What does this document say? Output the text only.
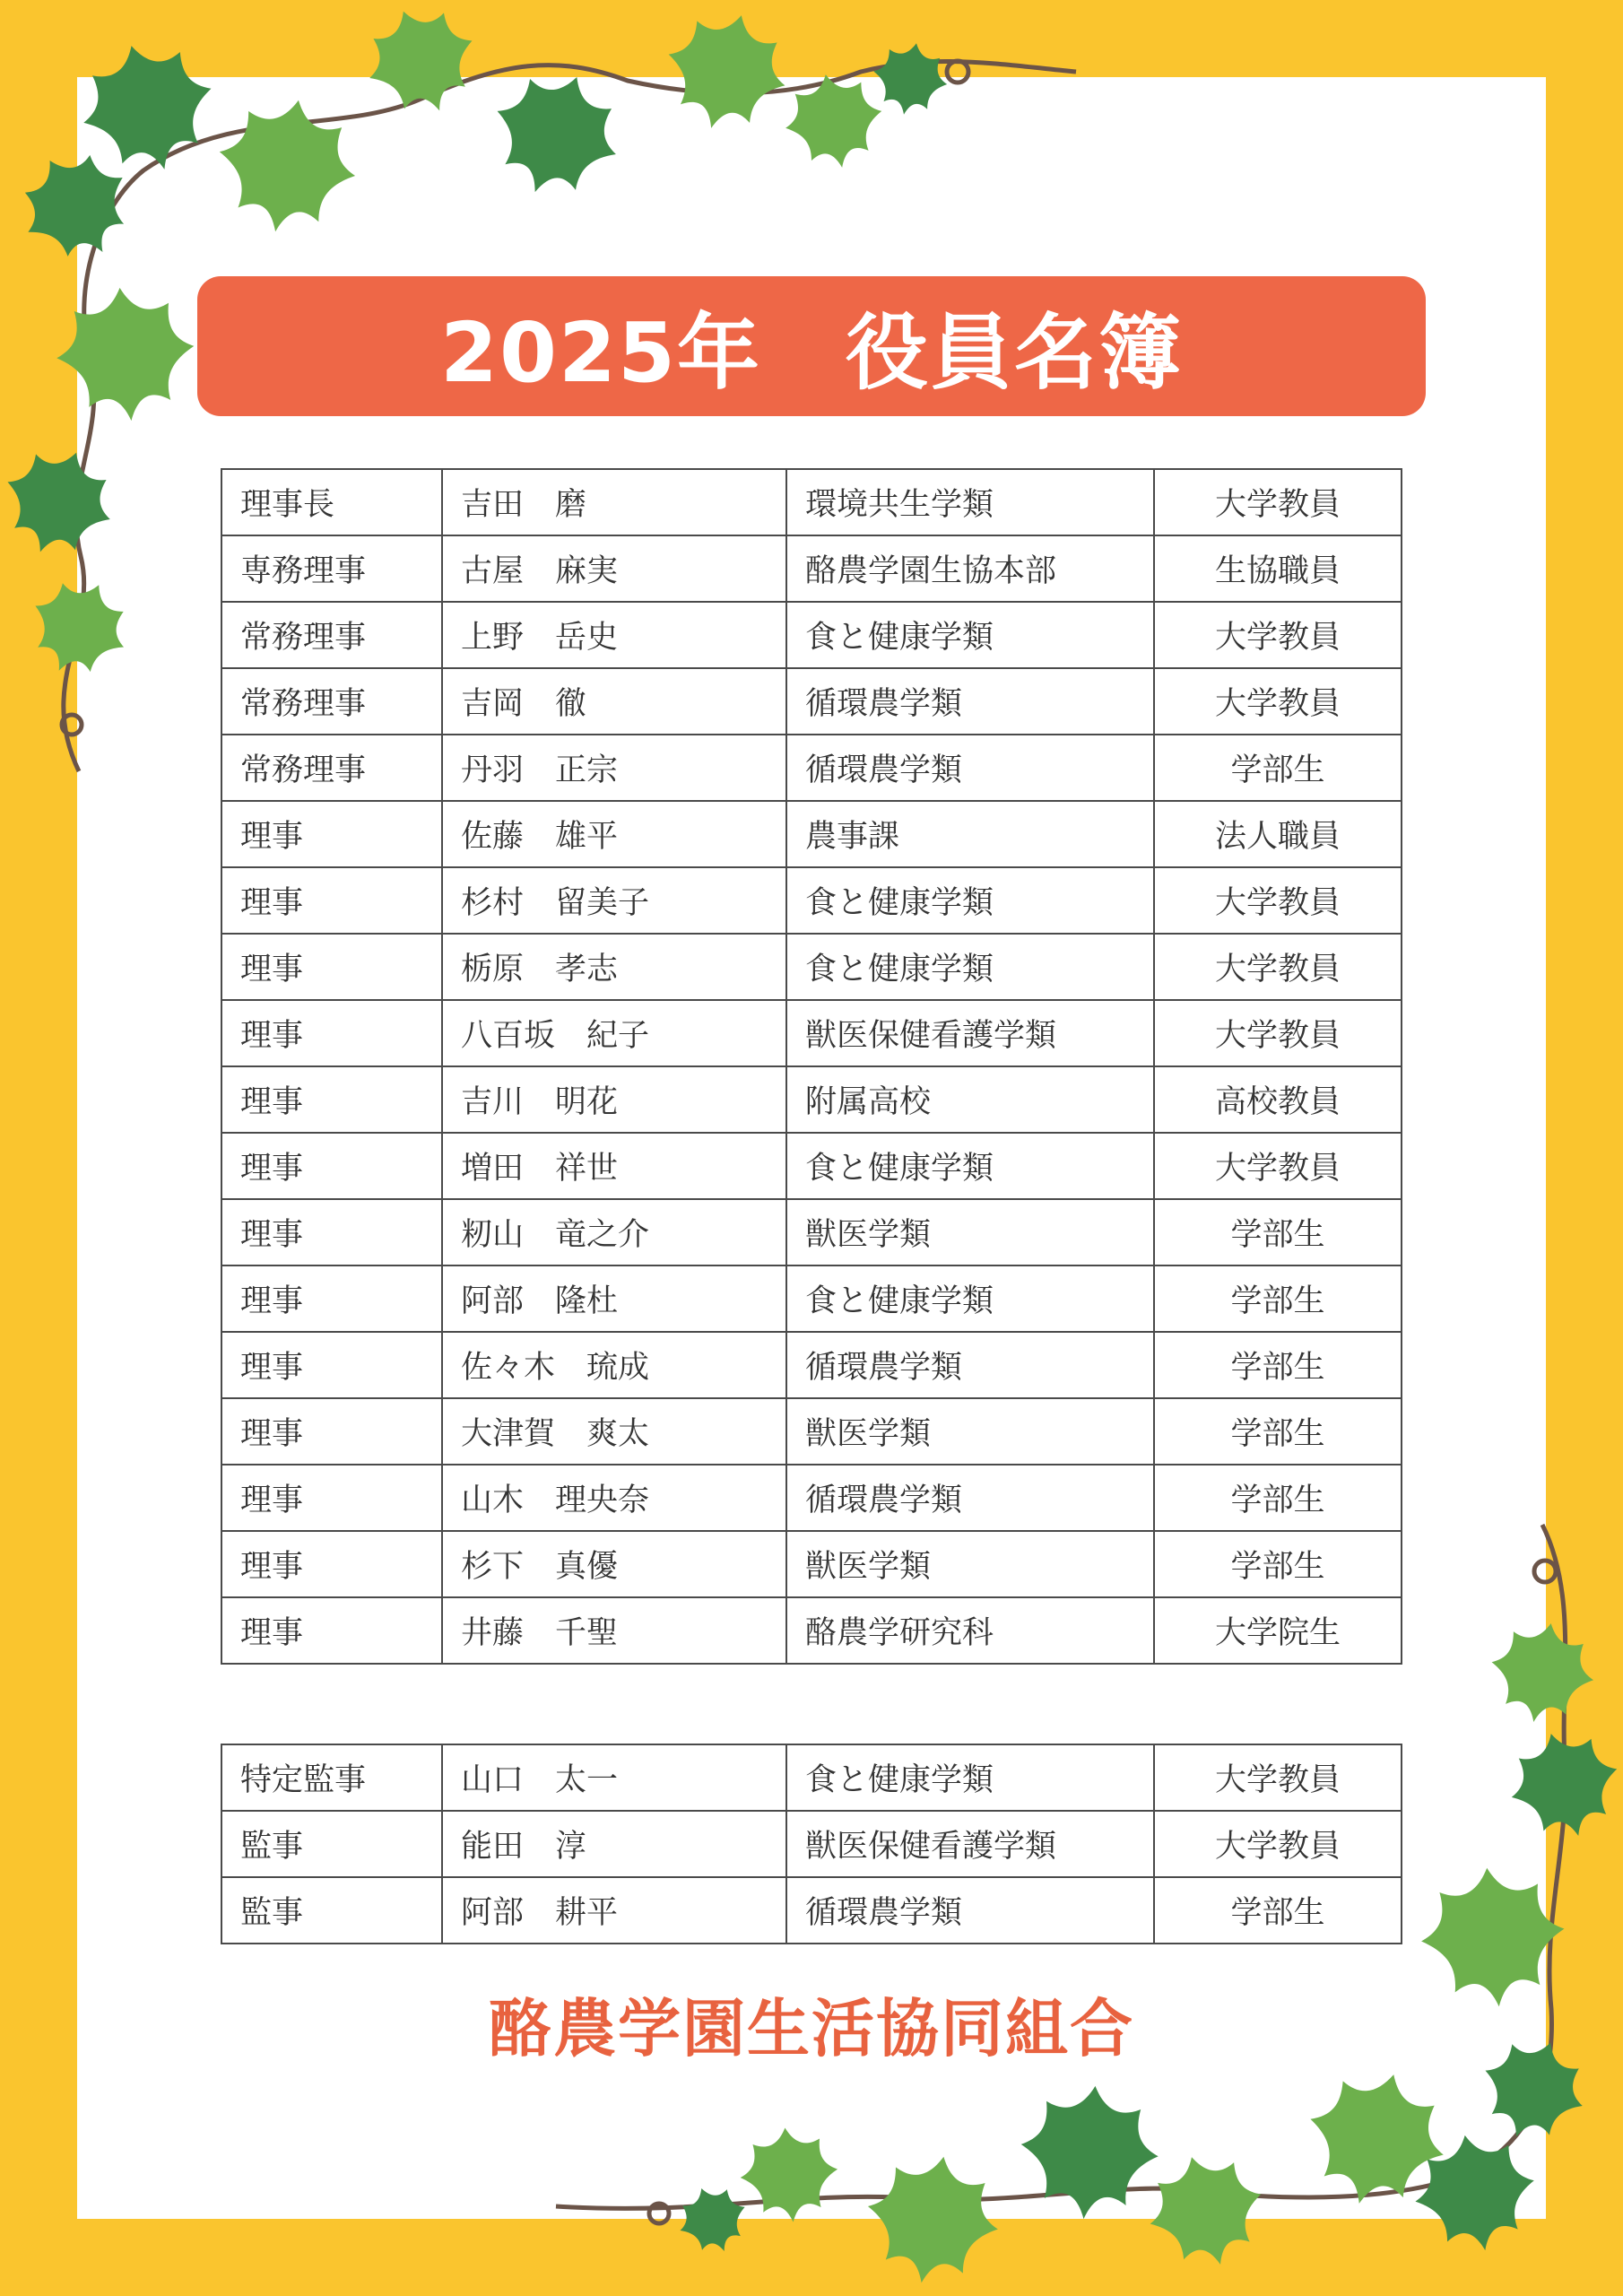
2025年　役員名簿
理事長	吉田　磨	環境共生学類	大学教員
専務理事	古屋　麻実	酪農学園生協本部	生協職員
常務理事	上野　岳史	食と健康学類	大学教員
常務理事	吉岡　徹	循環農学類	大学教員
常務理事	丹羽　正宗	循環農学類	学部生
理事	佐藤　雄平	農事課	法人職員
理事	杉村　留美子	食と健康学類	大学教員
理事	栃原　孝志	食と健康学類	大学教員
理事	八百坂　紀子	獣医保健看護学類	大学教員
理事	吉川　明花	附属高校	高校教員
理事	増田　祥世	食と健康学類	大学教員
理事	籾山　竜之介	獣医学類	学部生
理事	阿部　隆杜	食と健康学類	学部生
理事	佐々木　琉成	循環農学類	学部生
理事	大津賀　爽太	獣医学類	学部生
理事	山木　理央奈	循環農学類	学部生
理事	杉下　真優	獣医学類	学部生
理事	井藤　千聖	酪農学研究科	大学院生
特定監事	山口　太一	食と健康学類	大学教員
監事	能田　淳	獣医保健看護学類	大学教員
監事	阿部　耕平	循環農学類	学部生
酪農学園生活協同組合
